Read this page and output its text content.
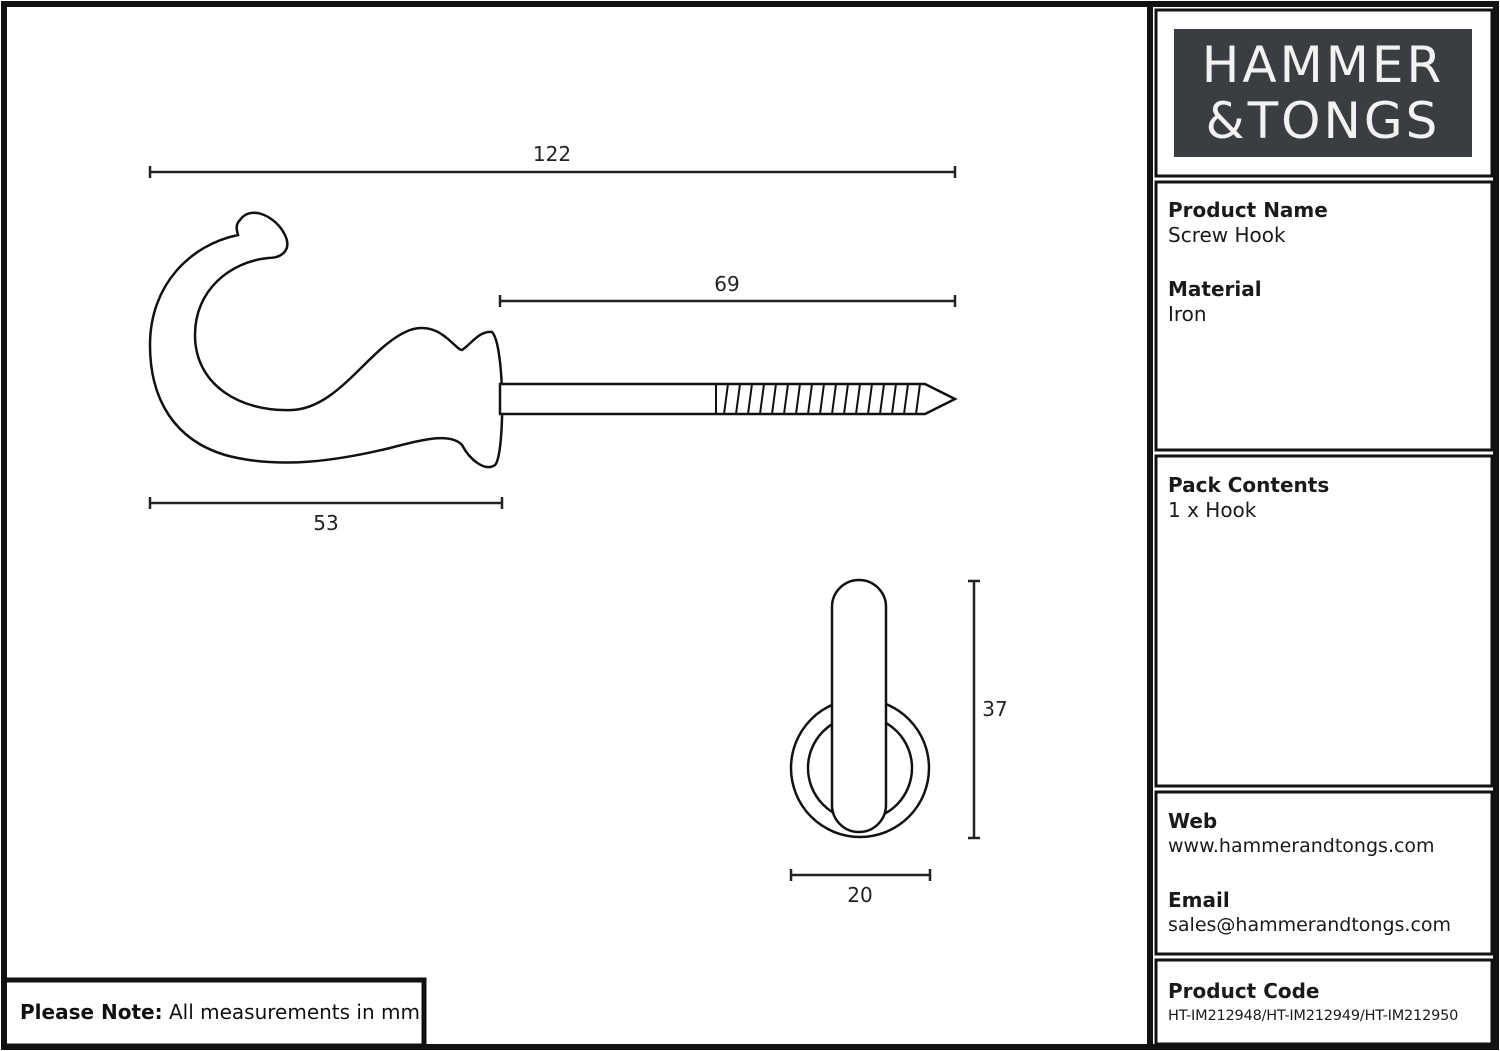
122
69
53
37
20
HAMMER
&TONGS
Product Name
Screw Hook
Material
Iron
Pack Contents
1 x Hook
Web
www.hammerandtongs.com
Email
sales@hammerandtongs.com
Product Code
HT-IM212948/HT-IM212949/HT-IM212950
Please Note: All measurements in mm
